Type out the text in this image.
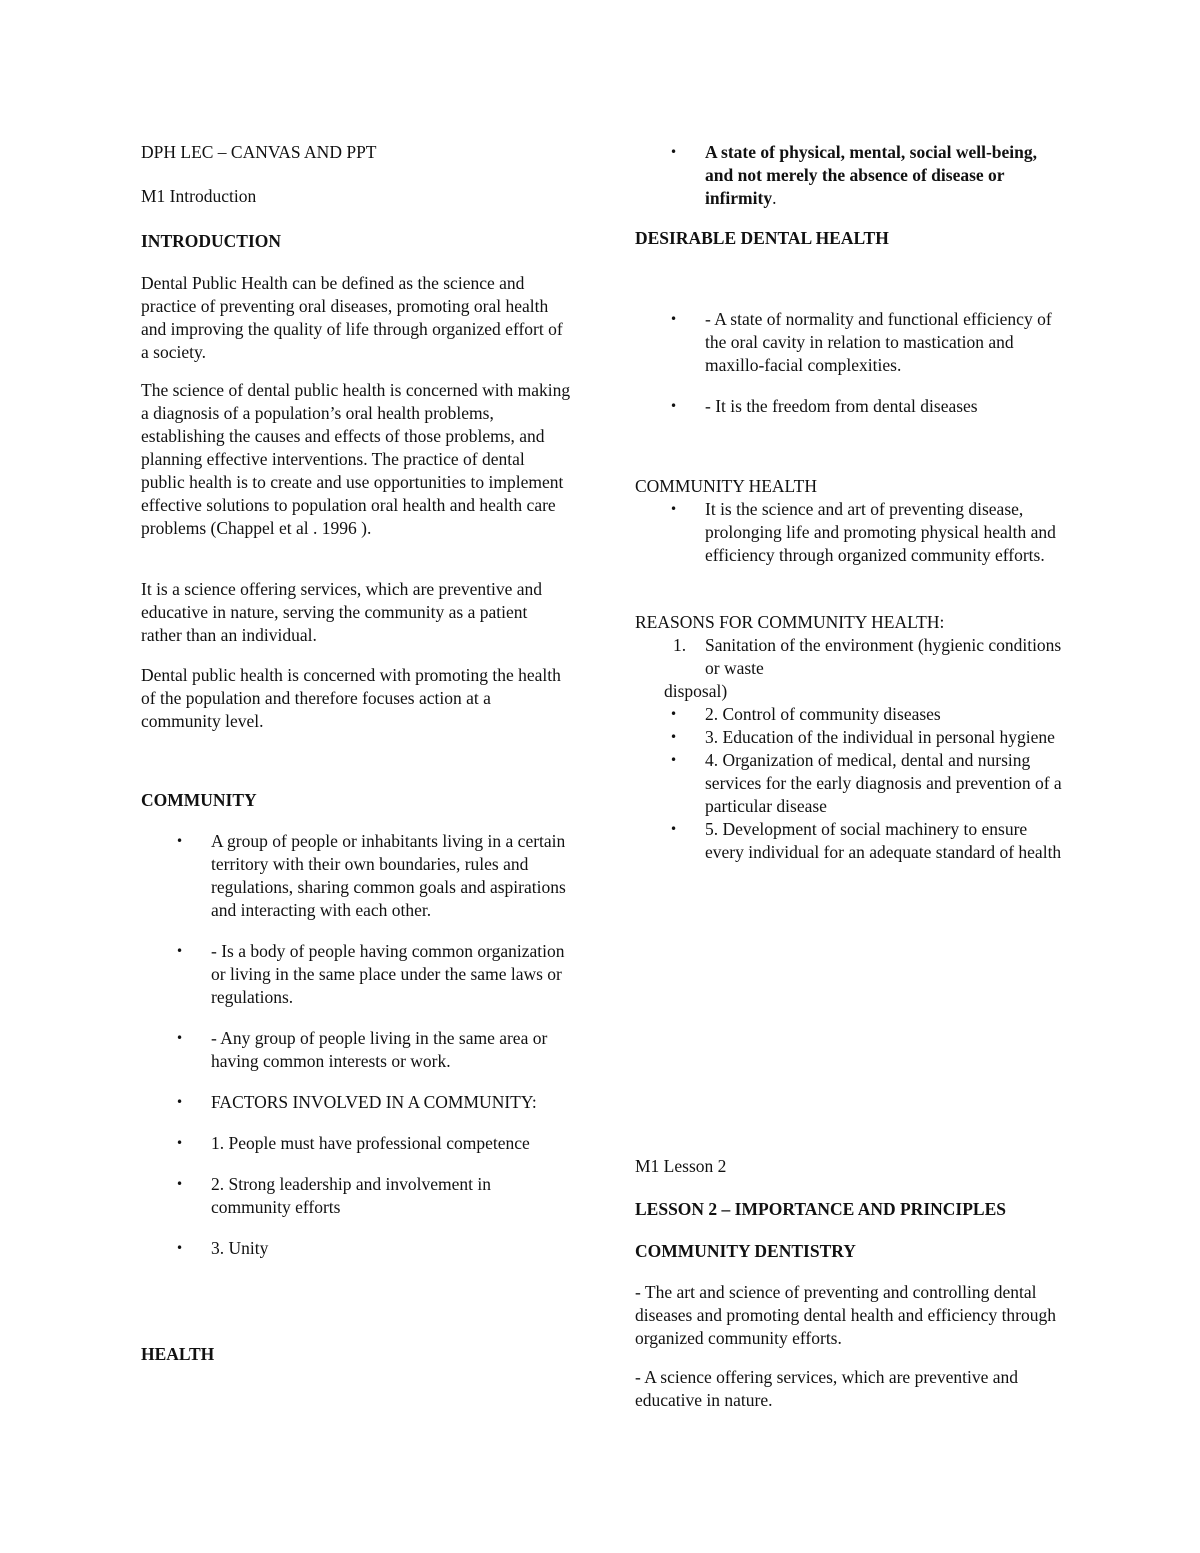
DPH LEC – CANVAS AND PPT

M1 Introduction

INTRODUCTION

Dental Public Health can be defined as the science and practice of preventing oral diseases, promoting oral health and improving the quality of life through organized effort of a society.

The science of dental public health is concerned with making a diagnosis of a population’s oral health problems, establishing the causes and effects of those problems, and planning effective interventions. The practice of dental public health is to create and use opportunities to implement effective solutions to population oral health and health care problems (Chappel et al . 1996 ).

It is a science offering services, which are preventive and educative in nature, serving the community as a patient rather than an individual.

Dental public health is concerned with promoting the health of the population and therefore focuses action at a community level.

COMMUNITY

• A group of people or inhabitants living in a certain territory with their own boundaries, rules and regulations, sharing common goals and aspirations and interacting with each other.
• - Is a body of people having common organization or living in the same place under the same laws or regulations.
• - Any group of people living in the same area or having common interests or work.
• FACTORS INVOLVED IN A COMMUNITY:
• 1. People must have professional competence
• 2. Strong leadership and involvement in community efforts
• 3. Unity

HEALTH

• A state of physical, mental, social well-being, and not merely the absence of disease or infirmity.

DESIRABLE DENTAL HEALTH

• - A state of normality and functional efficiency of the oral cavity in relation to mastication and maxillo-facial complexities.
• - It is the freedom from dental diseases

COMMUNITY HEALTH

• It is the science and art of preventing disease, prolonging life and promoting physical health and efficiency through organized community efforts.

REASONS FOR COMMUNITY HEALTH:

1. Sanitation of the environment (hygienic conditions or waste

disposal)

• 2. Control of community diseases
• 3. Education of the individual in personal hygiene
• 4. Organization of medical, dental and nursing services for the early diagnosis and prevention of a particular disease
• 5. Development of social machinery to ensure every individual for an adequate standard of health

M1 Lesson 2

LESSON 2 – IMPORTANCE AND PRINCIPLES

COMMUNITY DENTISTRY

- The art and science of preventing and controlling dental diseases and promoting dental health and efficiency through organized community efforts.

- A science offering services, which are preventive and educative in nature.
